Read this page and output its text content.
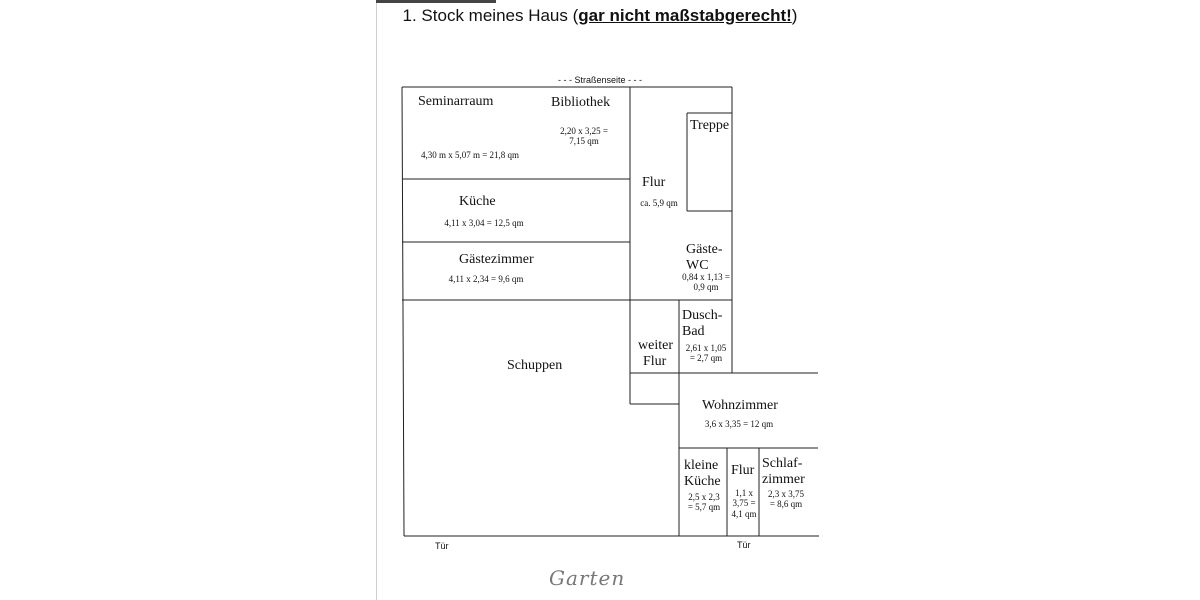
1. Stock meines Haus (gar nicht maßstabgerecht!)
- - - Straßenseite - - -
Seminarraum
4,30 m x 5,07 m = 21,8 qm
Bibliothek
2,20 x 3,25 =
7,15 qm
Treppe
Flur
ca. 5,9 qm
Küche
4,11 x 3,04 = 12,5 qm
Gästezimmer
4,11 x 2,34 = 9,6 qm
Gäste-
WC
0,84 x 1,13 =
0,9 qm
Dusch-
Bad
2,61 x 1,05
= 2,7 qm
weiter
Flur
Schuppen
Wohnzimmer
3,6 x 3,35 = 12 qm
kleine
Küche
2,5 x 2,3
= 5,7 qm
Flur
1,1 x
3,75 =
4,1 qm
Schlaf-
zimmer
2,3 x 3,75
= 8,6 qm
Tür	Tür
Garten
